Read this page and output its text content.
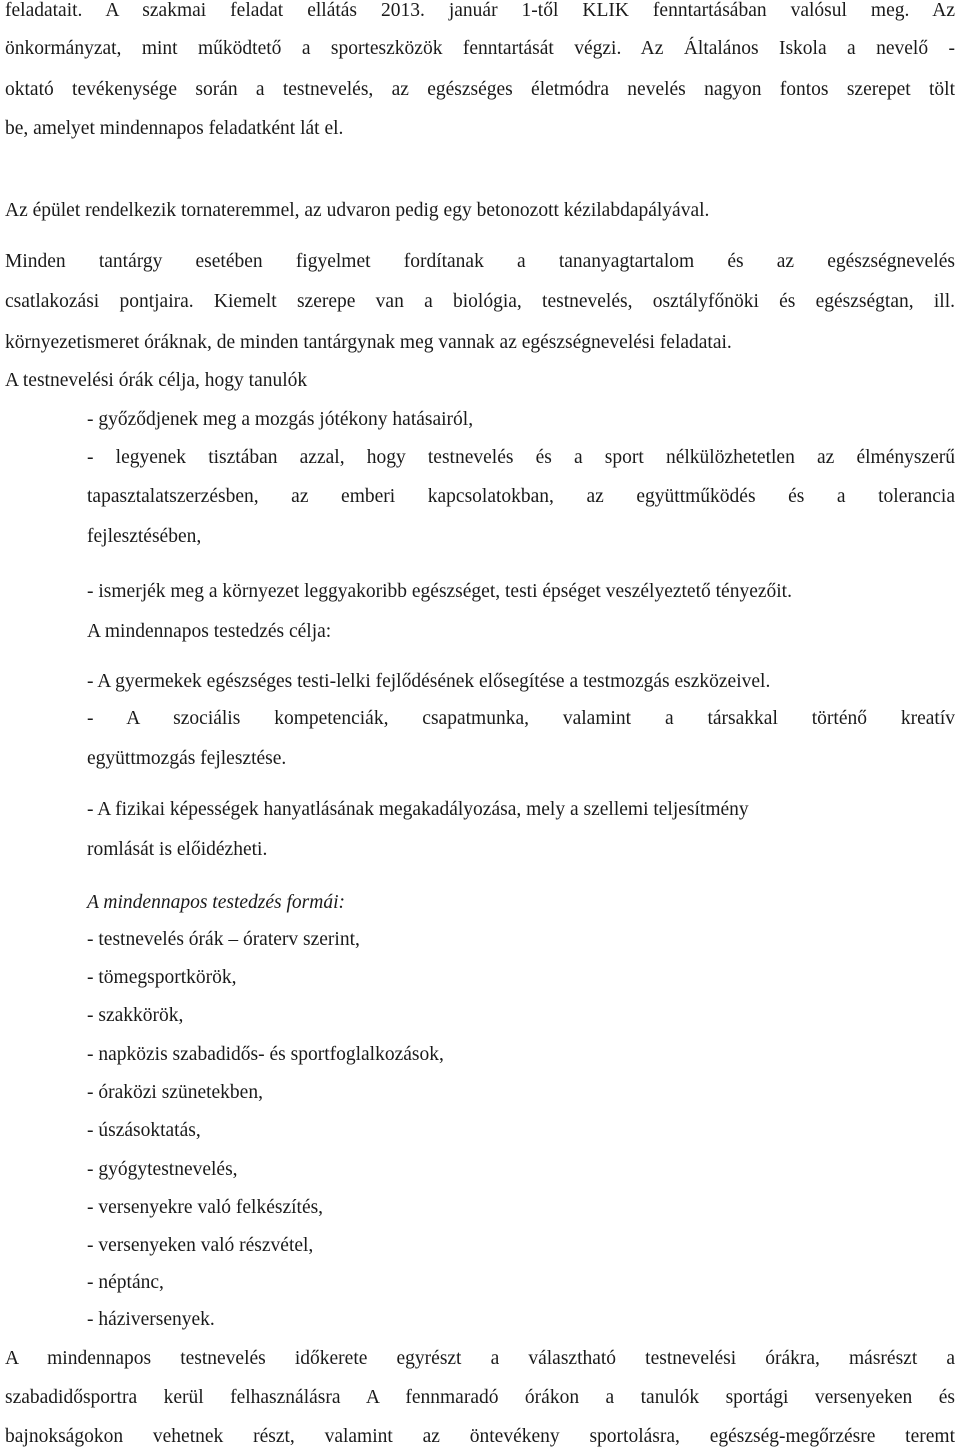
feladatait. A szakmai feladat ellátás 2013. január 1-től KLIK fenntartásában valósul meg. Az
önkormányzat, mint működtető a sporteszközök fenntartását végzi. Az Általános Iskola a nevelő -
oktató tevékenysége során a testnevelés, az egészséges életmódra nevelés nagyon fontos szerepet tölt
be, amelyet mindennapos feladatként lát el.
Az épület rendelkezik tornateremmel, az udvaron pedig egy betonozott kézilabdapályával.
Minden tantárgy esetében figyelmet fordítanak a tananyagtartalom és az egészségnevelés
csatlakozási pontjaira. Kiemelt szerepe van a biológia, testnevelés, osztályfőnöki és egészségtan, ill.
környezetismeret óráknak, de minden tantárgynak meg vannak az egészségnevelési feladatai.
A testnevelési órák célja, hogy tanulók
- győződjenek meg a mozgás jótékony hatásairól,
- legyenek tisztában azzal, hogy testnevelés és a sport nélkülözhetetlen az élményszerű
tapasztalatszerzésben, az emberi kapcsolatokban, az együttműködés és a tolerancia
fejlesztésében,
- ismerjék meg a környezet leggyakoribb egészséget, testi épséget veszélyeztető tényezőit.
A mindennapos testedzés célja:
- A gyermekek egészséges testi-lelki fejlődésének elősegítése a testmozgás eszközeivel.
- A szociális kompetenciák, csapatmunka, valamint a társakkal történő kreatív
együttmozgás fejlesztése.
- A fizikai képességek hanyatlásának megakadályozása, mely a szellemi teljesítmény
romlását is előidézheti.
A mindennapos testedzés formái:
- testnevelés órák – óraterv szerint,
- tömegsportkörök,
- szakkörök,
- napközis szabadidős- és sportfoglalkozások,
- óraközi szünetekben,
- úszásoktatás,
- gyógytestnevelés,
- versenyekre való felkészítés,
- versenyeken való részvétel,
- néptánc,
- háziversenyek.
A mindennapos testnevelés időkerete egyrészt a választható testnevelési órákra, másrészt a
szabadidősportra kerül felhasználásra A fennmaradó órákon a tanulók sportági versenyeken és
bajnokságokon vehetnek részt, valamint az öntevékeny sportolásra, egészség-megőrzésre teremt
